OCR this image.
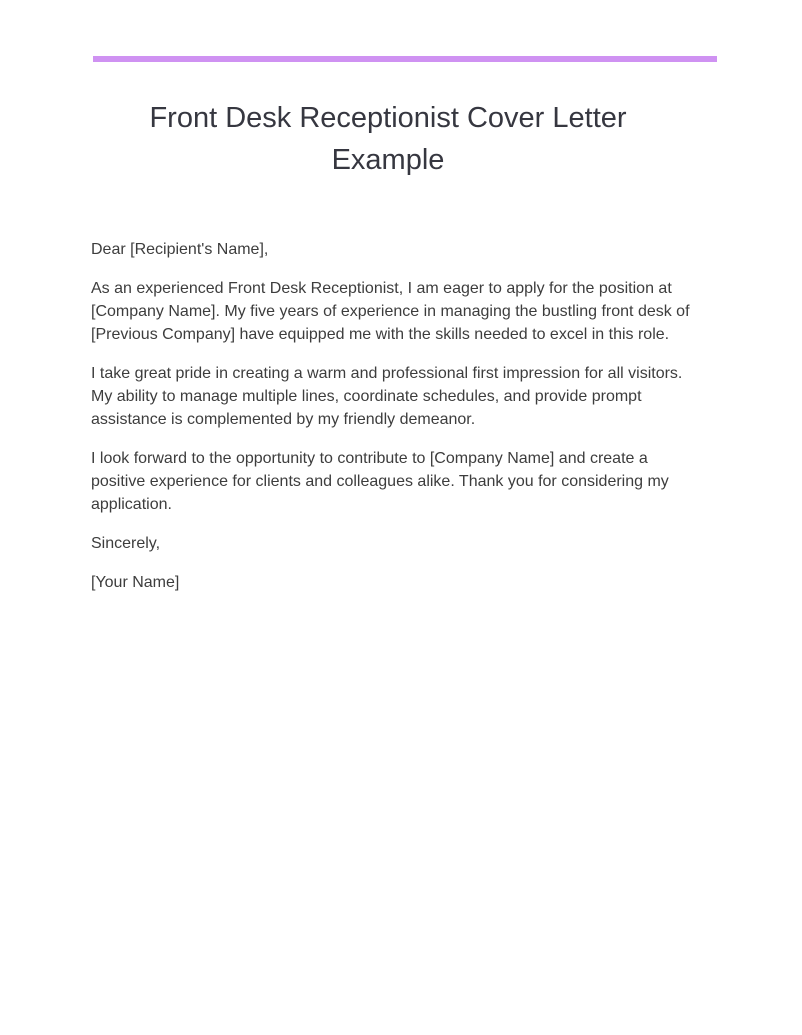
Front Desk Receptionist Cover Letter Example

Dear [Recipient's Name],

As an experienced Front Desk Receptionist, I am eager to apply for the position at [Company Name]. My five years of experience in managing the bustling front desk of [Previous Company] have equipped me with the skills needed to excel in this role.

I take great pride in creating a warm and professional first impression for all visitors. My ability to manage multiple lines, coordinate schedules, and provide prompt assistance is complemented by my friendly demeanor.

I look forward to the opportunity to contribute to [Company Name] and create a positive experience for clients and colleagues alike. Thank you for considering my application.

Sincerely,

[Your Name]
